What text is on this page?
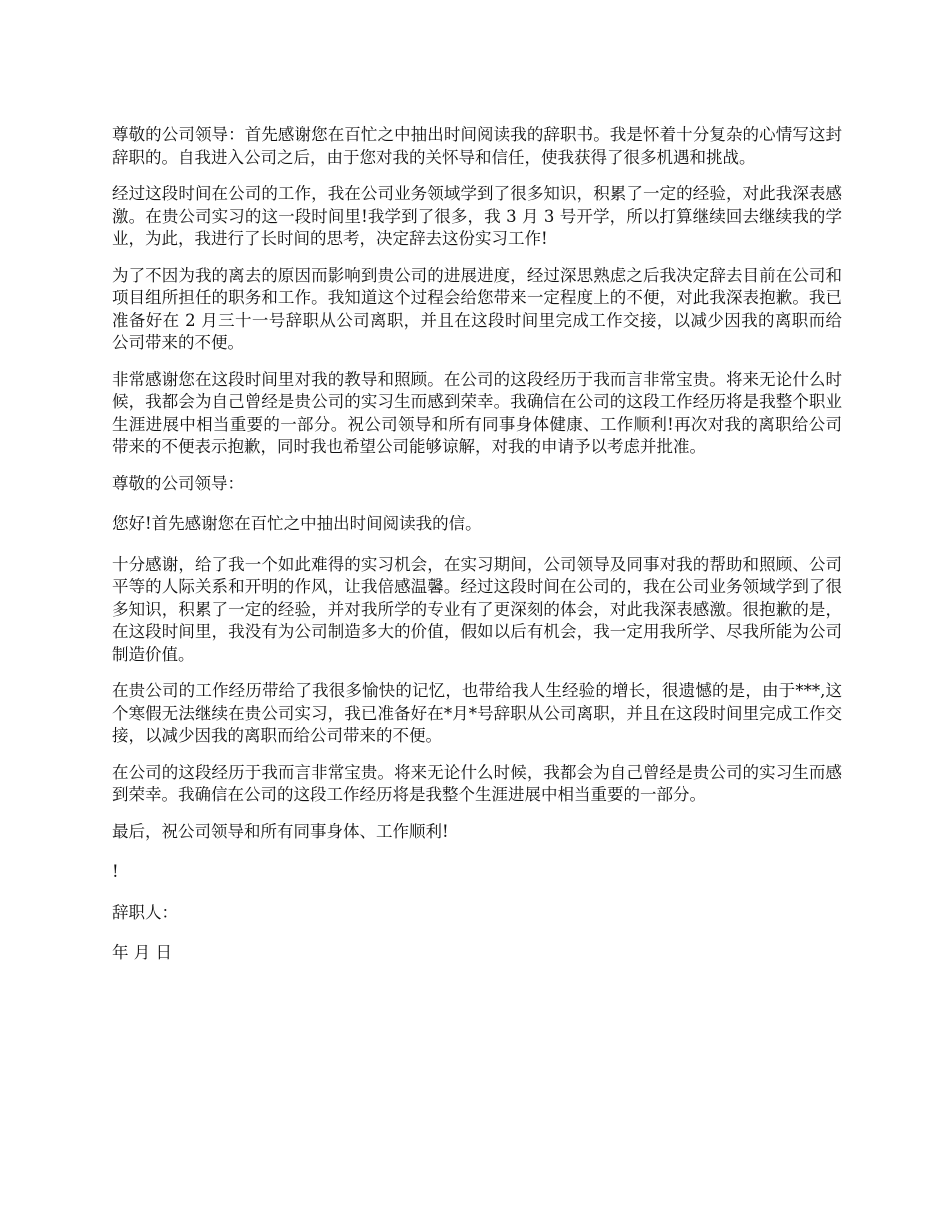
尊敬的公司领导：首先感谢您在百忙之中抽出时间阅读我的辞职书。我是怀着十分复杂的心情写这封辞职的。自我进入公司之后，由于您对我的关怀导和信任，使我获得了很多机遇和挑战。

经过这段时间在公司的工作，我在公司业务领域学到了很多知识，积累了一定的经验，对此我深表感激。在贵公司实习的这一段时间里!我学到了很多，我 3 月 3 号开学，所以打算继续回去继续我的学业，为此，我进行了长时间的思考，决定辞去这份实习工作!

为了不因为我的离去的原因而影响到贵公司的进展进度，经过深思熟虑之后我决定辞去目前在公司和项目组所担任的职务和工作。我知道这个过程会给您带来一定程度上的不便，对此我深表抱歉。我已准备好在 2 月三十一号辞职从公司离职，并且在这段时间里完成工作交接，以减少因我的离职而给公司带来的不便。

非常感谢您在这段时间里对我的教导和照顾。在公司的这段经历于我而言非常宝贵。将来无论什么时候，我都会为自己曾经是贵公司的实习生而感到荣幸。我确信在公司的这段工作经历将是我整个职业生涯进展中相当重要的一部分。祝公司领导和所有同事身体健康、工作顺利!再次对我的离职给公司带来的不便表示抱歉，同时我也希望公司能够谅解，对我的申请予以考虑并批准。

尊敬的公司领导：

您好!首先感谢您在百忙之中抽出时间阅读我的信。

十分感谢，给了我一个如此难得的实习机会，在实习期间，公司领导及同事对我的帮助和照顾、公司平等的人际关系和开明的作风，让我倍感温馨。经过这段时间在公司的，我在公司业务领域学到了很多知识，积累了一定的经验，并对我所学的专业有了更深刻的体会，对此我深表感激。很抱歉的是，在这段时间里，我没有为公司制造多大的价值，假如以后有机会，我一定用我所学、尽我所能为公司制造价值。

在贵公司的工作经历带给了我很多愉快的记忆，也带给我人生经验的增长，很遗憾的是，由于***,这个寒假无法继续在贵公司实习，我已准备好在*月*号辞职从公司离职，并且在这段时间里完成工作交接，以减少因我的离职而给公司带来的不便。

在公司的这段经历于我而言非常宝贵。将来无论什么时候，我都会为自己曾经是贵公司的实习生而感到荣幸。我确信在公司的这段工作经历将是我整个生涯进展中相当重要的一部分。

最后，祝公司领导和所有同事身体、工作顺利!

!

辞职人：

年 月 日
